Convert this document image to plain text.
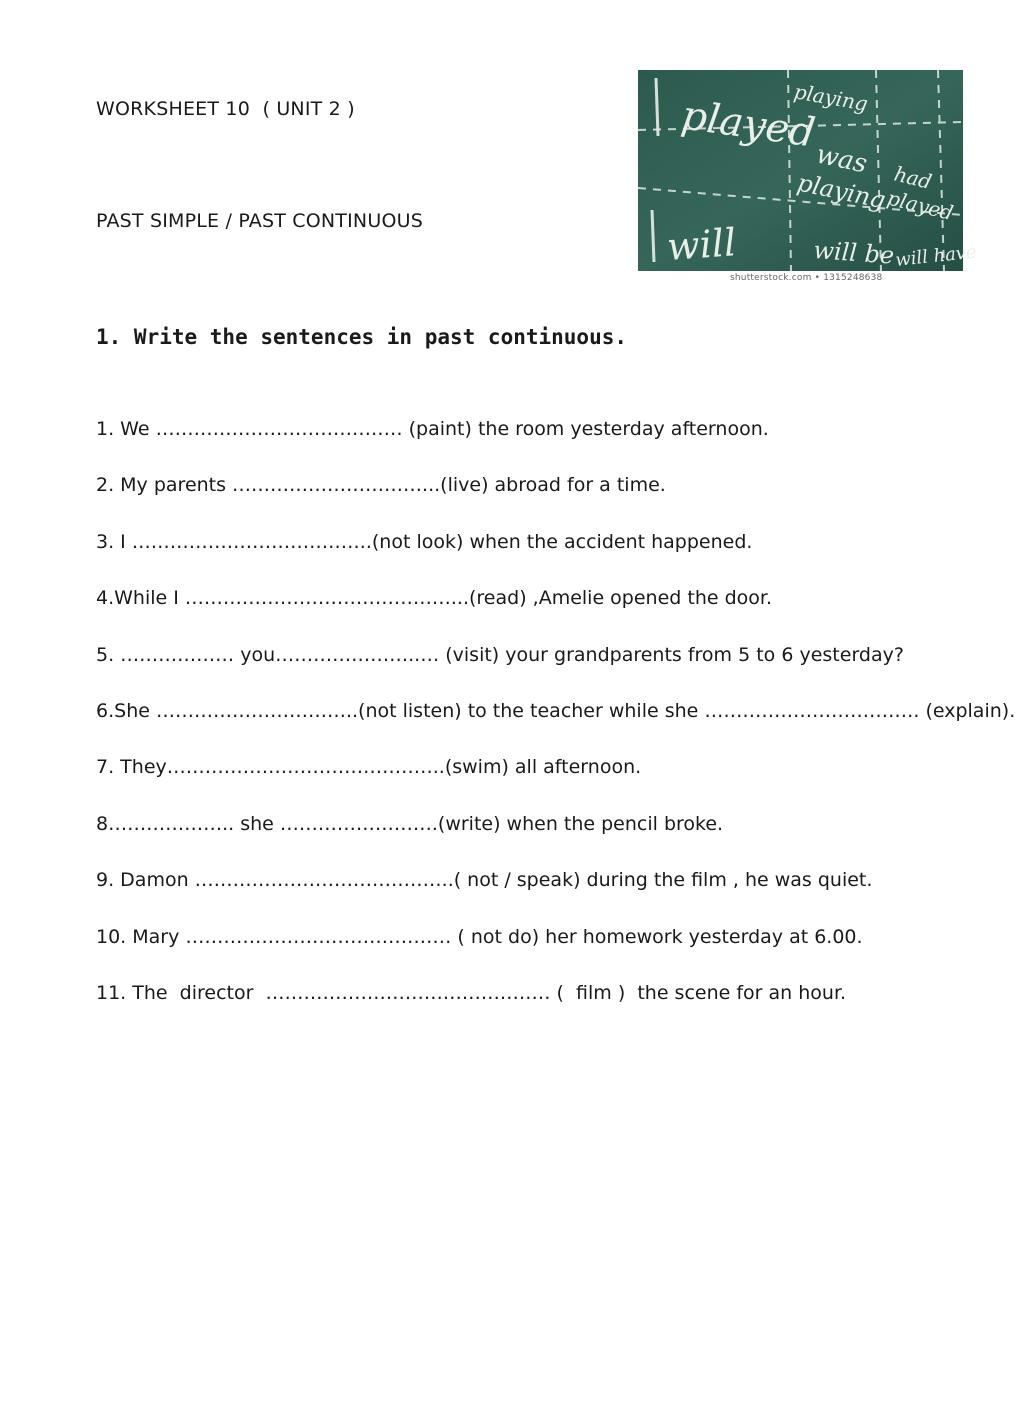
WORKSHEET 10  ( UNIT 2 )
PAST SIMPLE / PAST CONTINUOUS
played
was
playing
will	will be
playing
had
played
will have
shutterstock.com • 1315248638
1. Write the sentences in past continuous.
1. We ………………………………… (paint) the room yesterday afternoon.
2. My parents …………………………...(live) abroad for a time.
3. I ………………………………..(not look) when the accident happened.
4.While I ……………………………………...(read) ,Amelie opened the door.
5. ……………… you…………………..… (visit) your grandparents from 5 to 6 yesterday?
6.She …………………………..(not listen) to the teacher while she ……………………………. (explain).
7. They……………………………………..(swim) all afternoon.
8……………….. she …………………….(write) when the pencil broke.
9. Damon …………………………………..( not / speak) during the film , he was quiet.
10. Mary …………………………………… ( not do) her homework yesterday at 6.00.
11. The  director  ……………………………………… (  film )  the scene for an hour.
